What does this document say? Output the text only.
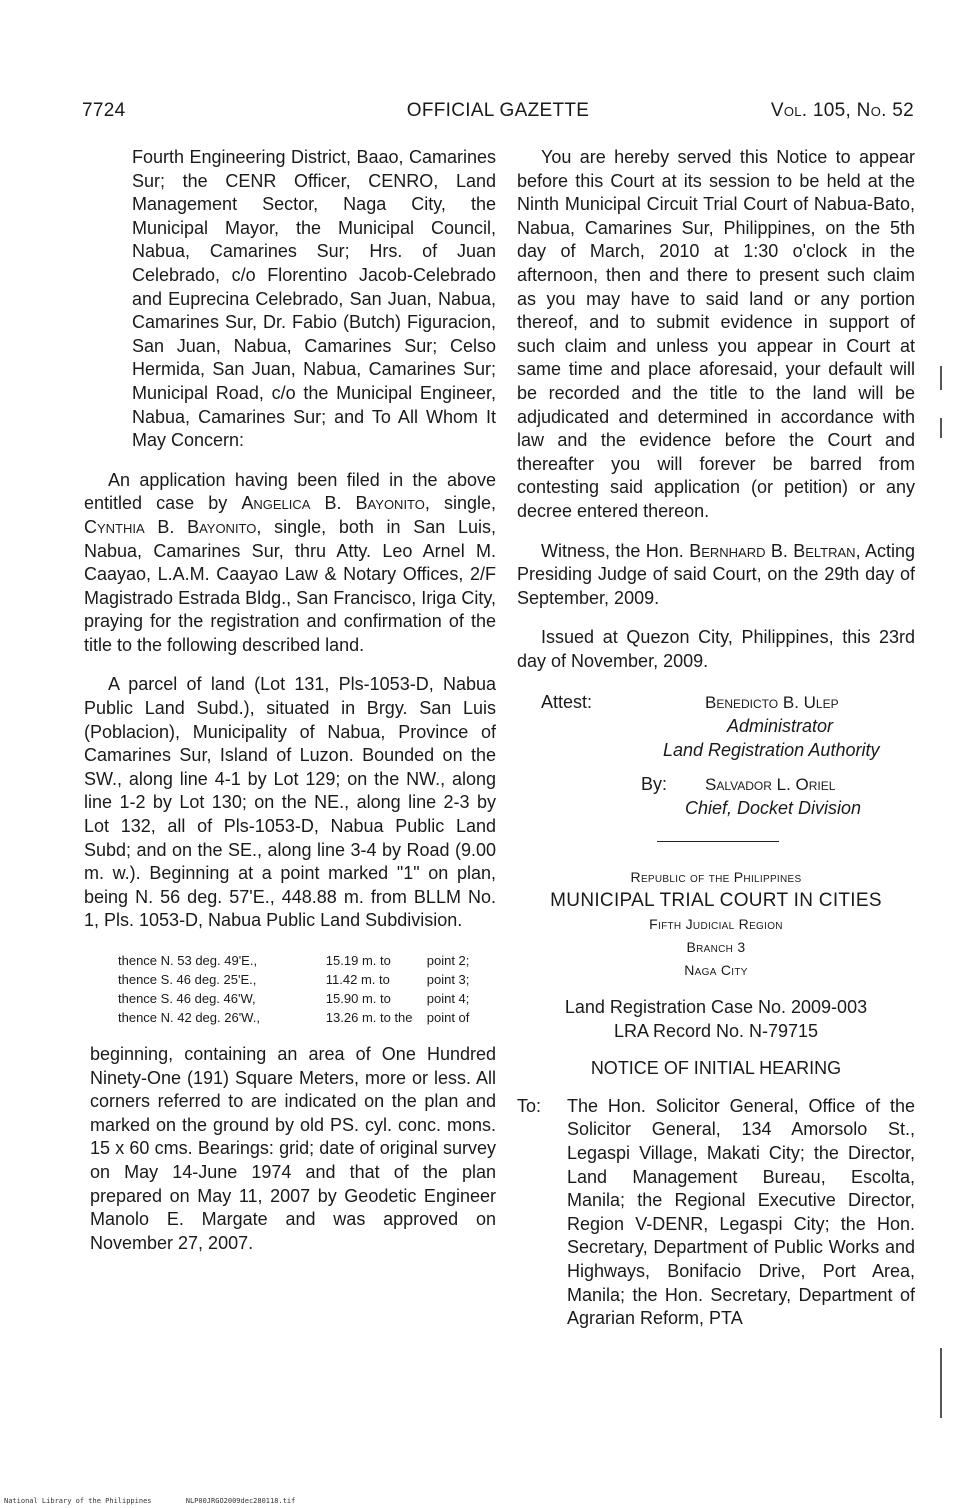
7724	OFFICIAL GAZETTE	Vol. 105, No. 52

Fourth Engineering District, Baao, Camarines Sur; the CENR Officer, CENRO, Land Management Sector, Naga City, the Municipal Mayor, the Municipal Council, Nabua, Camarines Sur; Hrs. of Juan Celebrado, c/o Florentino Jacob-Celebrado and Euprecina Celebrado, San Juan, Nabua, Camarines Sur, Dr. Fabio (Butch) Figuracion, San Juan, Nabua, Camarines Sur; Celso Hermida, San Juan, Nabua, Camarines Sur; Municipal Road, c/o the Municipal Engineer, Nabua, Camarines Sur; and To All Whom It May Concern:

An application having been filed in the above entitled case by Angelica B. Bayonito, single, Cynthia B. Bayonito, single, both in San Luis, Nabua, Camarines Sur, thru Atty. Leo Arnel M. Caayao, L.A.M. Caayao Law & Notary Offices, 2/F Magistrado Estrada Bldg., San Francisco, Iriga City, praying for the registration and confirmation of the title to the following described land.

A parcel of land (Lot 131, Pls-1053-D, Nabua Public Land Subd.), situated in Brgy. San Luis (Poblacion), Municipality of Nabua, Province of Camarines Sur, Island of Luzon. Bounded on the SW., along line 4-1 by Lot 129; on the NW., along line 1-2 by Lot 130; on the NE., along line 2-3 by Lot 132, all of Pls-1053-D, Nabua Public Land Subd; and on the SE., along line 3-4 by Road (9.00 m. w.). Beginning at a point marked "1" on plan, being N. 56 deg. 57'E., 448.88 m. from BLLM No. 1, Pls. 1053-D, Nabua Public Land Subdivision.

thence N. 53 deg. 49'E.,	15.19 m. to	point 2;
thence S. 46 deg. 25'E.,	11.42 m. to	point 3;
thence S. 46 deg. 46'W,	15.90 m. to	point 4;
thence N. 42 deg. 26'W.,	13.26 m. to the	point of

beginning, containing an area of One Hundred Ninety-One (191) Square Meters, more or less. All corners referred to are indicated on the plan and marked on the ground by old PS. cyl. conc. mons. 15 x 60 cms. Bearings: grid; date of original survey on May 14-June 1974 and that of the plan prepared on May 11, 2007 by Geodetic Engineer Manolo E. Margate and was approved on November 27, 2007.

You are hereby served this Notice to appear before this Court at its session to be held at the Ninth Municipal Circuit Trial Court of Nabua-Bato, Nabua, Camarines Sur, Philippines, on the 5th day of March, 2010 at 1:30 o'clock in the afternoon, then and there to present such claim as you may have to said land or any portion thereof, and to submit evidence in support of such claim and unless you appear in Court at same time and place aforesaid, your default will be recorded and the title to the land will be adjudicated and determined in accordance with law and the evidence before the Court and thereafter you will forever be barred from contesting said application (or petition) or any decree entered thereon.

Witness, the Hon. Bernhard B. Beltran, Acting Presiding Judge of said Court, on the 29th day of September, 2009.

Issued at Quezon City, Philippines, this 23rd day of November, 2009.

Attest:	Benedicto B. Ulep
Administrator
Land Registration Authority
By: Salvador L. Oriel
Chief, Docket Division
Republic of the Philippines
MUNICIPAL TRIAL COURT IN CITIES
Fifth Judicial Region
Branch 3
Naga City
Land Registration Case No. 2009-003
LRA Record No. N-79715
NOTICE OF INITIAL HEARING
To: The Hon. Solicitor General, Office of the Solicitor General, 134 Amorsolo St., Legaspi Village, Makati City; the Director, Land Management Bureau, Escolta, Manila; the Regional Executive Director, Region V-DENR, Legaspi City; the Hon. Secretary, Department of Public Works and Highways, Bonifacio Drive, Port Area, Manila; the Hon. Secretary, Department of Agrarian Reform, PTA
National Library of the Philippines	NLP00JRGO2009dec280118.tif
